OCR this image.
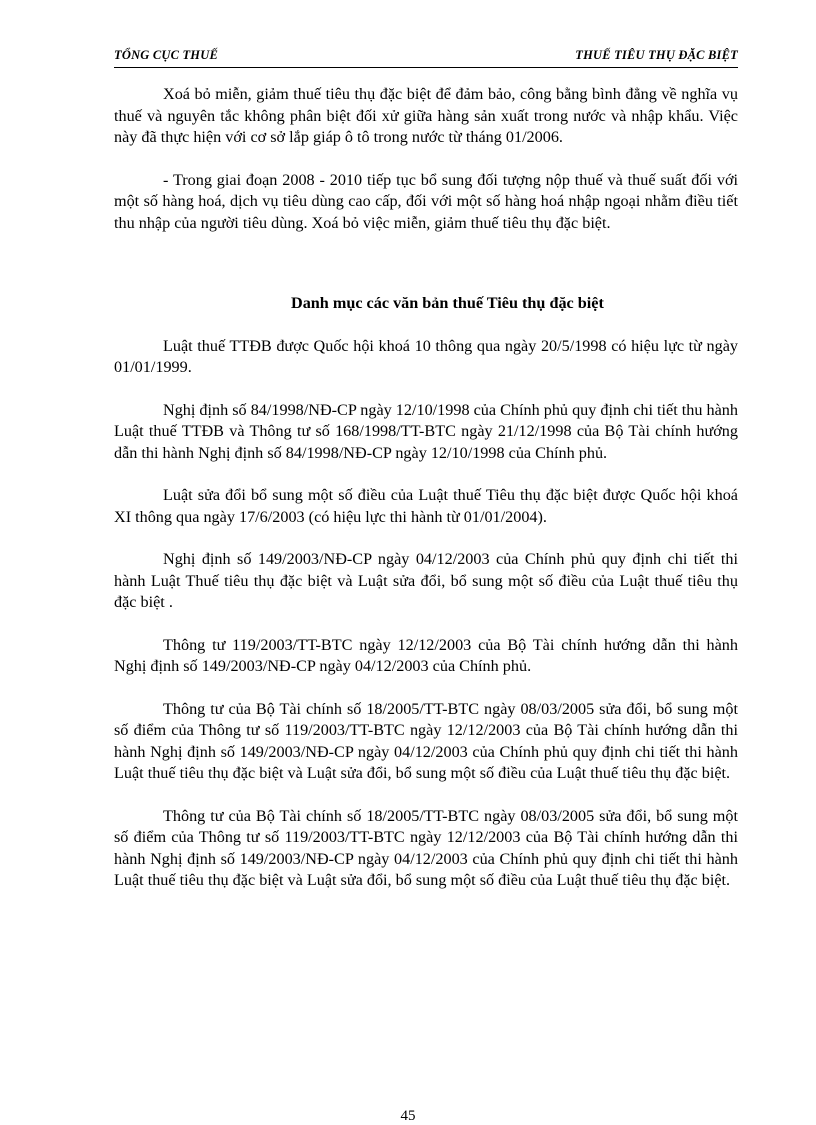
TỔNG CỤC THUẾ	THUẾ TIÊU THỤ ĐẶC BIỆT

Xoá bỏ miễn, giảm thuế tiêu thụ đặc biệt để đảm bảo, công bằng bình đẳng về nghĩa vụ thuế và nguyên tắc không phân biệt đối xử giữa hàng sản xuất trong nước và nhập khẩu. Việc này đã thực hiện với cơ sở lắp giáp ô tô trong nước từ tháng 01/2006.

- Trong giai đoạn 2008 - 2010 tiếp tục bổ sung đối tượng nộp thuế và thuế suất đối với một số hàng hoá, dịch vụ tiêu dùng cao cấp, đối với một số hàng hoá nhập ngoại nhằm điều tiết thu nhập của người tiêu dùng. Xoá bỏ việc miễn, giảm thuế tiêu thụ đặc biệt.

Danh mục các văn bản thuế Tiêu thụ đặc biệt

Luật thuế TTĐB được Quốc hội khoá 10 thông qua ngày 20/5/1998 có hiệu lực từ ngày 01/01/1999.

Nghị định số 84/1998/NĐ-CP ngày 12/10/1998 của Chính phủ quy định chi tiết thu hành Luật thuế TTĐB và Thông tư số 168/1998/TT-BTC ngày 21/12/1998 của Bộ Tài chính hướng dẫn thi hành Nghị định số 84/1998/NĐ-CP ngày 12/10/1998 của Chính phủ.

Luật sửa đổi bổ sung một số điều của Luật thuế Tiêu thụ đặc biệt được Quốc hội khoá XI thông qua ngày 17/6/2003 (có hiệu lực thi hành từ 01/01/2004).

Nghị định số 149/2003/NĐ-CP ngày 04/12/2003 của Chính phủ quy định chi tiết thi hành Luật Thuế tiêu thụ đặc biệt và Luật sửa đổi, bổ sung một số điều của Luật thuế tiêu thụ đặc biệt .

Thông tư 119/2003/TT-BTC ngày 12/12/2003 của Bộ Tài chính hướng dẫn thi hành Nghị định số 149/2003/NĐ-CP ngày 04/12/2003 của Chính phủ.

Thông tư của Bộ Tài chính số 18/2005/TT-BTC ngày 08/03/2005 sửa đổi, bổ sung một số điểm của Thông tư số 119/2003/TT-BTC ngày 12/12/2003 của Bộ Tài chính hướng dẫn thi hành Nghị định số 149/2003/NĐ-CP ngày 04/12/2003 của Chính phủ quy định chi tiết thi hành Luật thuế tiêu thụ đặc biệt và Luật sửa đổi, bổ sung một số điều của Luật thuế tiêu thụ đặc biệt.

Thông tư của Bộ Tài chính số 18/2005/TT-BTC ngày 08/03/2005 sửa đổi, bổ sung một số điểm của Thông tư số 119/2003/TT-BTC ngày 12/12/2003 của Bộ Tài chính hướng dẫn thi hành Nghị định số 149/2003/NĐ-CP ngày 04/12/2003 của Chính phủ quy định chi tiết thi hành Luật thuế tiêu thụ đặc biệt và Luật sửa đổi, bổ sung một số điều của Luật thuế tiêu thụ đặc biệt.

45
